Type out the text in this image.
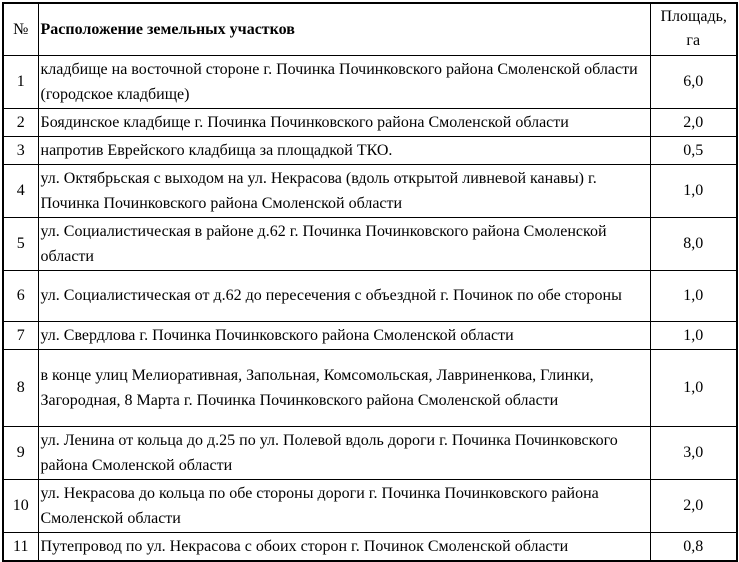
№	Расположение земельных участков	Площадь, га
1	кладбище на восточной стороне г. Починка Починковского района Смоленской области (городское кладбище)	6,0
2	Боядинское кладбище г. Починка Починковского района Смоленской области	2,0
3	напротив Еврейского кладбища за площадкой ТКО.	0,5
4	ул. Октябрьская с выходом на ул. Некрасова (вдоль открытой ливневой канавы) г. Починка Починковского района Смоленской области	1,0
5	ул. Социалистическая в районе д.62 г. Починка Починковского района Смоленской области	8,0
6	ул. Социалистическая от д.62 до пересечения с объездной г. Починок по обе стороны	1,0
7	ул. Свердлова г. Починка Починковского района Смоленской области	1,0
8	в конце улиц Мелиоративная, Запольная, Комсомольская, Лавриненкова, Глинки, Загородная, 8 Марта г. Починка Починковского района Смоленской области	1,0
9	ул. Ленина от кольца до д.25 по ул. Полевой вдоль дороги г. Починка Починковского района Смоленской области	3,0
10	ул. Некрасова до кольца по обе стороны дороги г. Починка Починковского района Смоленской области	2,0
11	Путепровод по ул. Некрасова с обоих сторон г. Починок Смоленской области	0,8
